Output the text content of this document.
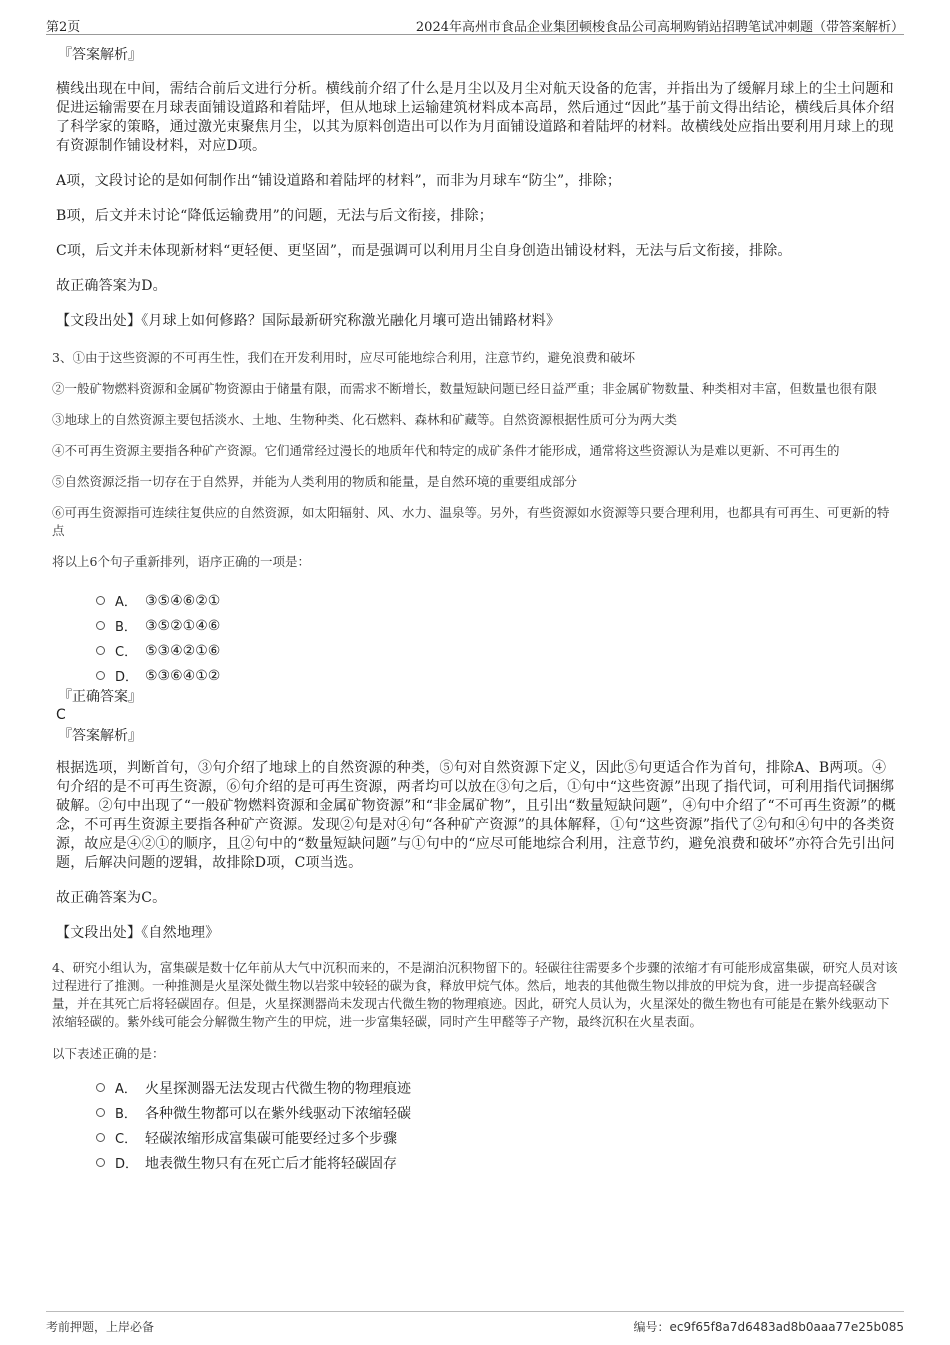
第2页	2024年高州市食品企业集团顿梭食品公司高垌购销站招聘笔试冲刺题（带答案解析）

『答案解析』

横线出现在中间，需结合前后文进行分析。横线前介绍了什么是月尘以及月尘对航天设备的危害，并指出为了缓解月球上的尘土问题和促进运输需要在月球表面铺设道路和着陆坪，但从地球上运输建筑材料成本高昂，然后通过“因此”基于前文得出结论，横线后具体介绍了科学家的策略，通过激光束聚焦月尘，以其为原料创造出可以作为月面铺设道路和着陆坪的材料。故横线处应指出要利用月球上的现有资源制作铺设材料，对应D项。

A项，文段讨论的是如何制作出“铺设道路和着陆坪的材料”，而非为月球车“防尘”，排除；

B项，后文并未讨论“降低运输费用”的问题，无法与后文衔接，排除；

C项，后文并未体现新材料“更轻便、更坚固”，而是强调可以利用月尘自身创造出铺设材料，无法与后文衔接，排除。

故正确答案为D。

【文段出处】《月球上如何修路？国际最新研究称激光融化月壤可造出铺路材料》

3、①由于这些资源的不可再生性，我们在开发利用时，应尽可能地综合利用，注意节约，避免浪费和破坏

②一般矿物燃料资源和金属矿物资源由于储量有限，而需求不断增长，数量短缺问题已经日益严重；非金属矿物数量、种类相对丰富，但数量也很有限

③地球上的自然资源主要包括淡水、土地、生物种类、化石燃料、森林和矿藏等。自然资源根据性质可分为两大类

④不可再生资源主要指各种矿产资源。它们通常经过漫长的地质年代和特定的成矿条件才能形成，通常将这些资源认为是难以更新、不可再生的

⑤自然资源泛指一切存在于自然界，并能为人类利用的物质和能量，是自然环境的重要组成部分

⑥可再生资源指可连续往复供应的自然资源，如太阳辐射、风、水力、温泉等。另外，有些资源如水资源等只要合理利用，也都具有可再生、可更新的特点

将以上6个句子重新排列，语序正确的一项是：

A． ③⑤④⑥②①
B． ③⑤②①④⑥
C． ⑤③④②①⑥
D． ⑤③⑥④①②

『正确答案』

C

『答案解析』

根据选项，判断首句，③句介绍了地球上的自然资源的种类，⑤句对自然资源下定义，因此⑤句更适合作为首句，排除A、B两项。④句介绍的是不可再生资源，⑥句介绍的是可再生资源，两者均可以放在③句之后，①句中“这些资源”出现了指代词，可利用指代词捆绑破解。②句中出现了“一般矿物燃料资源和金属矿物资源”和“非金属矿物”，且引出“数量短缺问题”，④句中介绍了“不可再生资源”的概念，不可再生资源主要指各种矿产资源。发现②句是对④句“各种矿产资源”的具体解释，①句“这些资源”指代了②句和④句中的各类资源，故应是④②①的顺序，且②句中的“数量短缺问题”与①句中的“应尽可能地综合利用，注意节约，避免浪费和破坏”亦符合先引出问题，后解决问题的逻辑，故排除D项，C项当选。

故正确答案为C。

【文段出处】《自然地理》

4、研究小组认为，富集碳是数十亿年前从大气中沉积而来的，不是湖泊沉积物留下的。轻碳往往需要多个步骤的浓缩才有可能形成富集碳，研究人员对该过程进行了推测。一种推测是火星深处微生物以岩浆中较轻的碳为食，释放甲烷气体。然后，地表的其他微生物以排放的甲烷为食，进一步提高轻碳含量，并在其死亡后将轻碳固存。但是，火星探测器尚未发现古代微生物的物理痕迹。因此，研究人员认为，火星深处的微生物也有可能是在紫外线驱动下浓缩轻碳的。紫外线可能会分解微生物产生的甲烷，进一步富集轻碳，同时产生甲醛等子产物，最终沉积在火星表面。

以下表述正确的是：

A． 火星探测器无法发现古代微生物的物理痕迹
B． 各种微生物都可以在紫外线驱动下浓缩轻碳
C． 轻碳浓缩形成富集碳可能要经过多个步骤
D． 地表微生物只有在死亡后才能将轻碳固存
考前押题，上岸必备	编号：ec9f65f8a7d6483ad8b0aaa77e25b085
